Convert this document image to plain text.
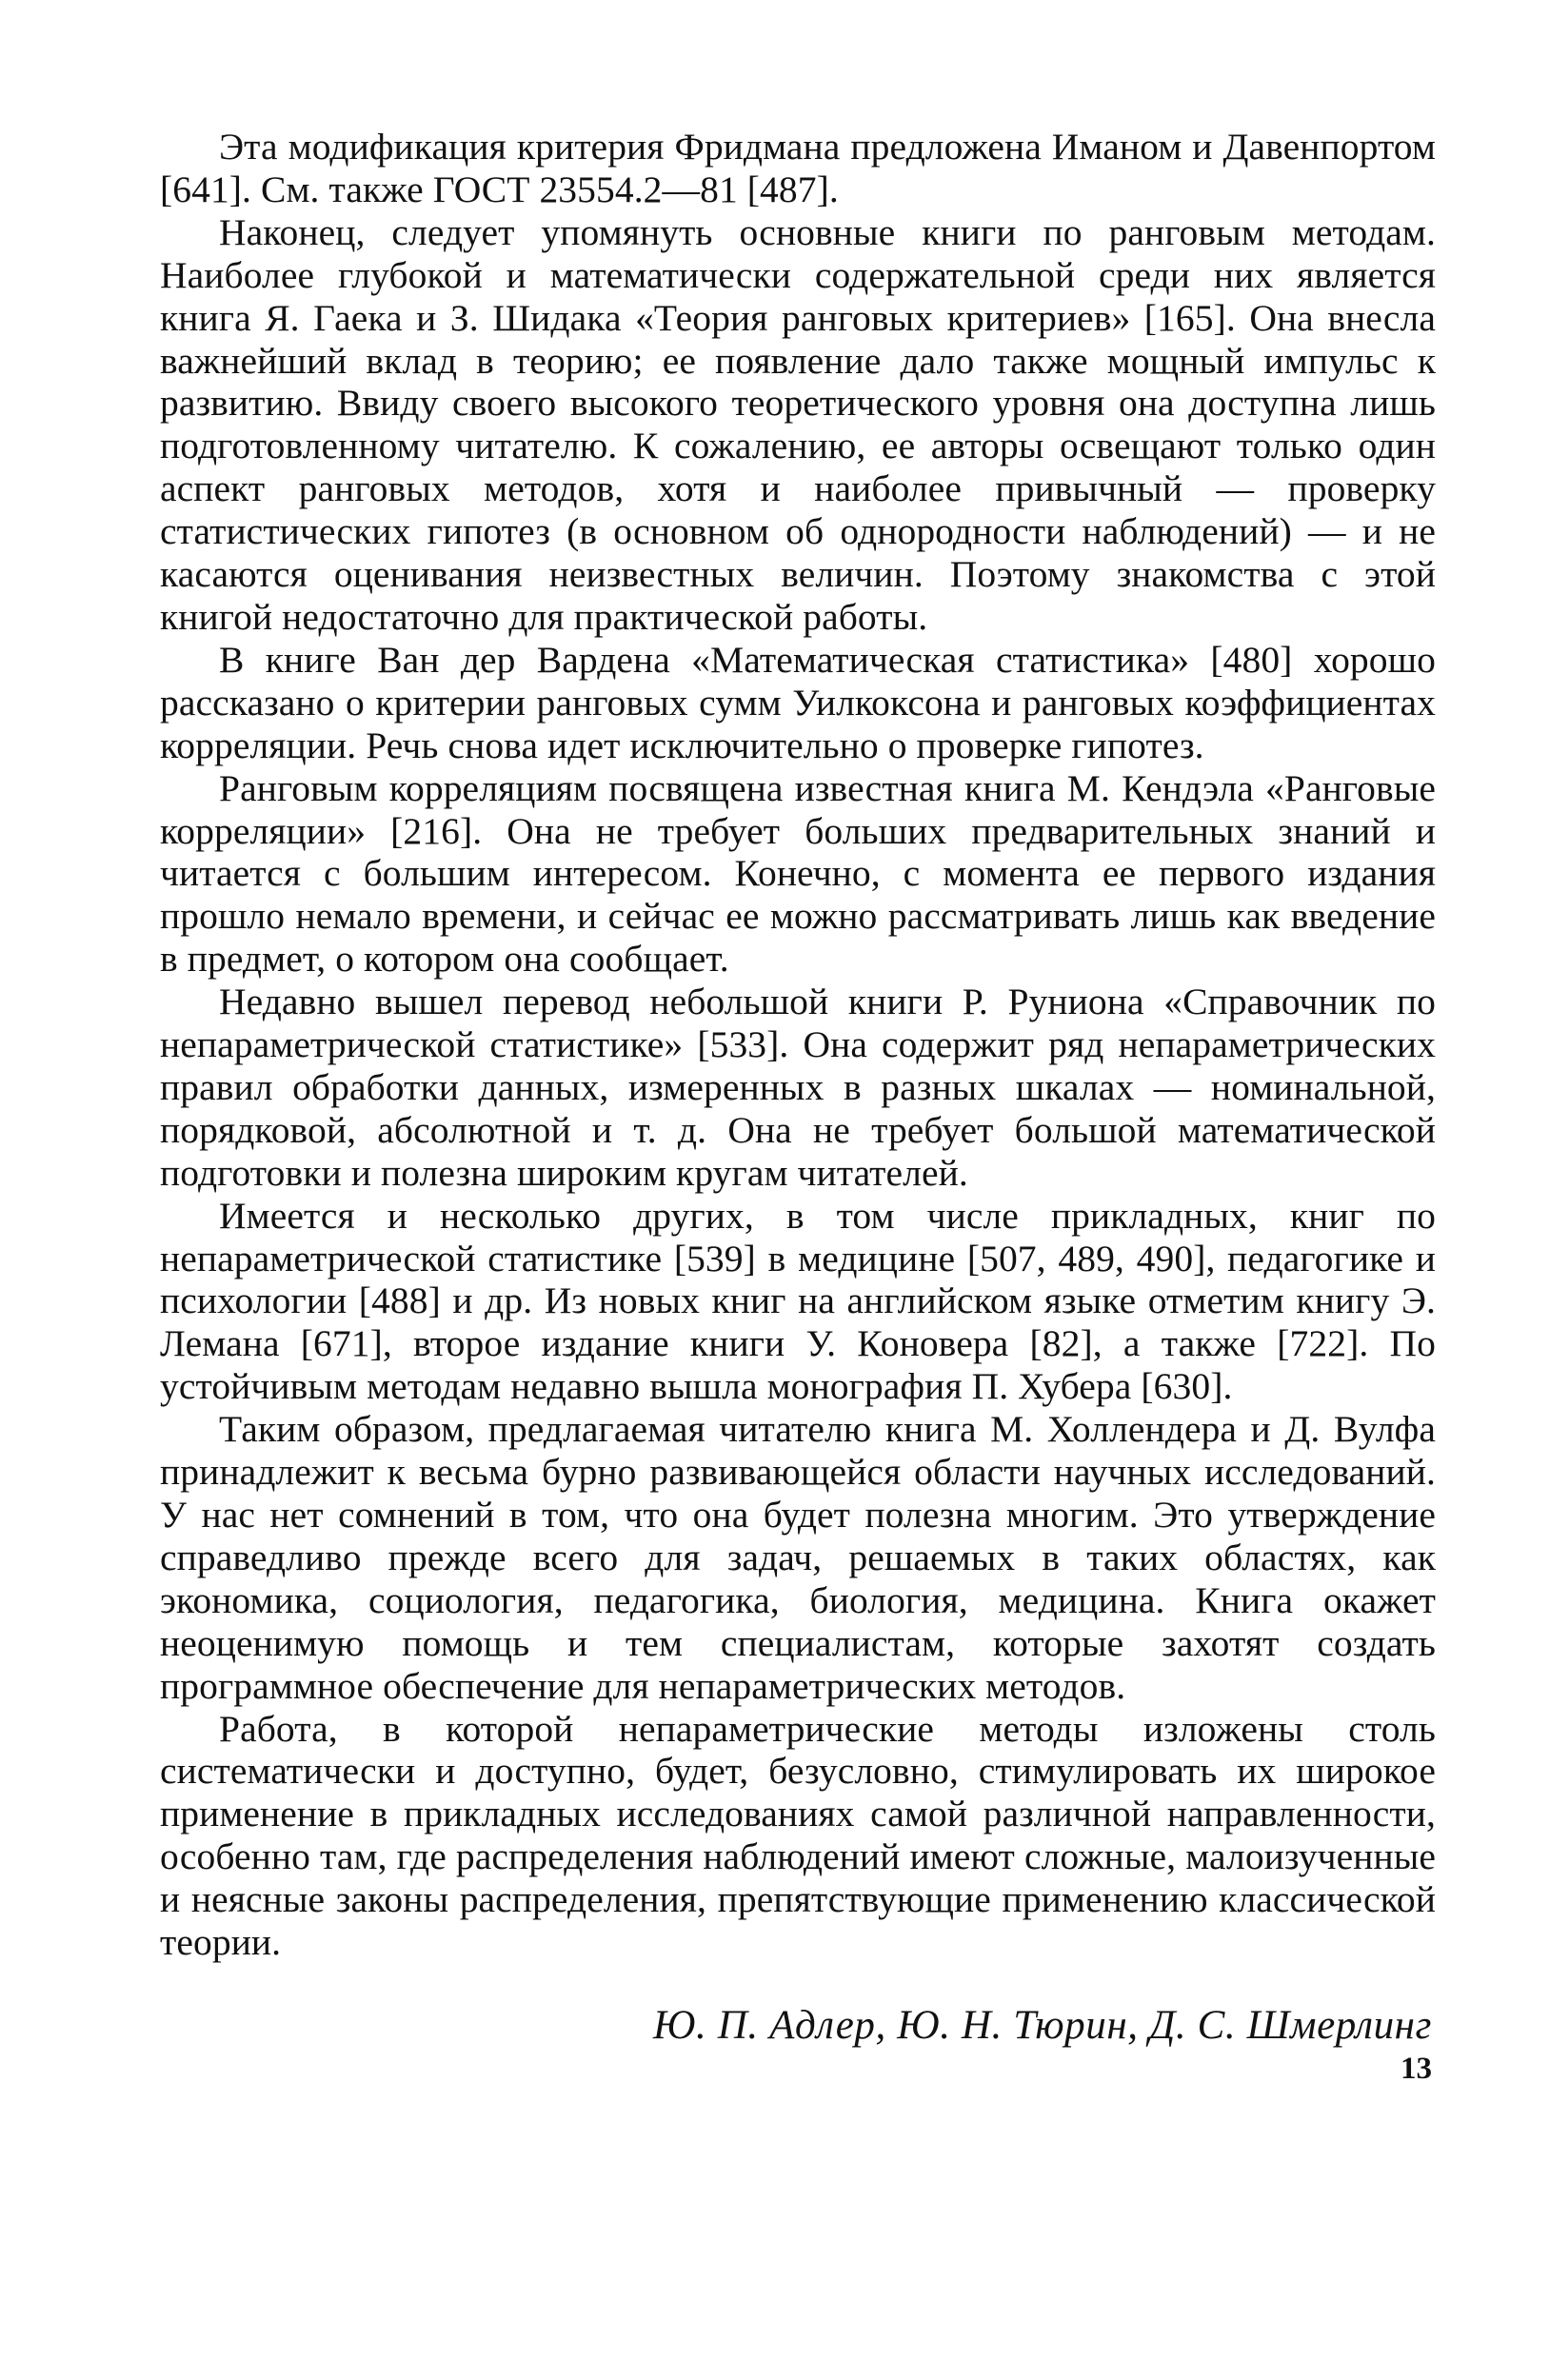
Эта модификация критерия Фридмана предложена Иманом и Давенпортом [641]. См. также ГОСТ 23554.2—81 [487].

Наконец, следует упомянуть основные книги по ранговым методам. Наиболее глубокой и математически содержательной среди них является книга Я. Гаека и З. Шидака «Теория ранговых критериев» [165]. Она внесла важнейший вклад в теорию; ее появление дало также мощный импульс к развитию. Ввиду своего высокого теоретического уровня она доступна лишь подготовленному читателю. К сожалению, ее авторы освещают только один аспект ранговых методов, хотя и наиболее привычный — проверку статистических гипотез (в основном об однородности наблюдений) — и не касаются оценивания неизвестных величин. Поэтому знакомства с этой книгой недостаточно для практической работы.

В книге Ван дер Вардена «Математическая статистика» [480] хорошо рассказано о критерии ранговых сумм Уилкоксона и ранговых коэффициентах корреляции. Речь снова идет исключительно о проверке гипотез.

Ранговым корреляциям посвящена известная книга М. Кендэла «Ранговые корреляции» [216]. Она не требует больших предварительных знаний и читается с большим интересом. Конечно, с момента ее первого издания прошло немало времени, и сейчас ее можно рассматривать лишь как введение в предмет, о котором она сообщает.

Недавно вышел перевод небольшой книги Р. Руниона «Справочник по непараметрической статистике» [533]. Она содержит ряд непараметрических правил обработки данных, измеренных в разных шкалах — номинальной, порядковой, абсолютной и т. д. Она не требует большой математической подготовки и полезна широким кругам читателей.

Имеется и несколько других, в том числе прикладных, книг по непараметрической статистике [539] в медицине [507, 489, 490], педагогике и психологии [488] и др. Из новых книг на английском языке отметим книгу Э. Лемана [671], второе издание книги У. Коновера [82], а также [722]. По устойчивым методам недавно вышла монография П. Хубера [630].

Таким образом, предлагаемая читателю книга М. Холлендера и Д. Вулфа принадлежит к весьма бурно развивающейся области научных исследований. У нас нет сомнений в том, что она будет полезна многим. Это утверждение справедливо прежде всего для задач, решаемых в таких областях, как экономика, социология, педагогика, биология, медицина. Книга окажет неоценимую помощь и тем специалистам, которые захотят создать программное обеспечение для непараметрических методов.

Работа, в которой непараметрические методы изложены столь систематически и доступно, будет, безусловно, стимулировать их широкое применение в прикладных исследованиях самой различной направленности, особенно там, где распределения наблюдений имеют сложные, малоизученные и неясные законы распределения, препятствующие применению классической теории.

Ю. П. Адлер, Ю. Н. Тюрин, Д. С. Шмерлинг

13
